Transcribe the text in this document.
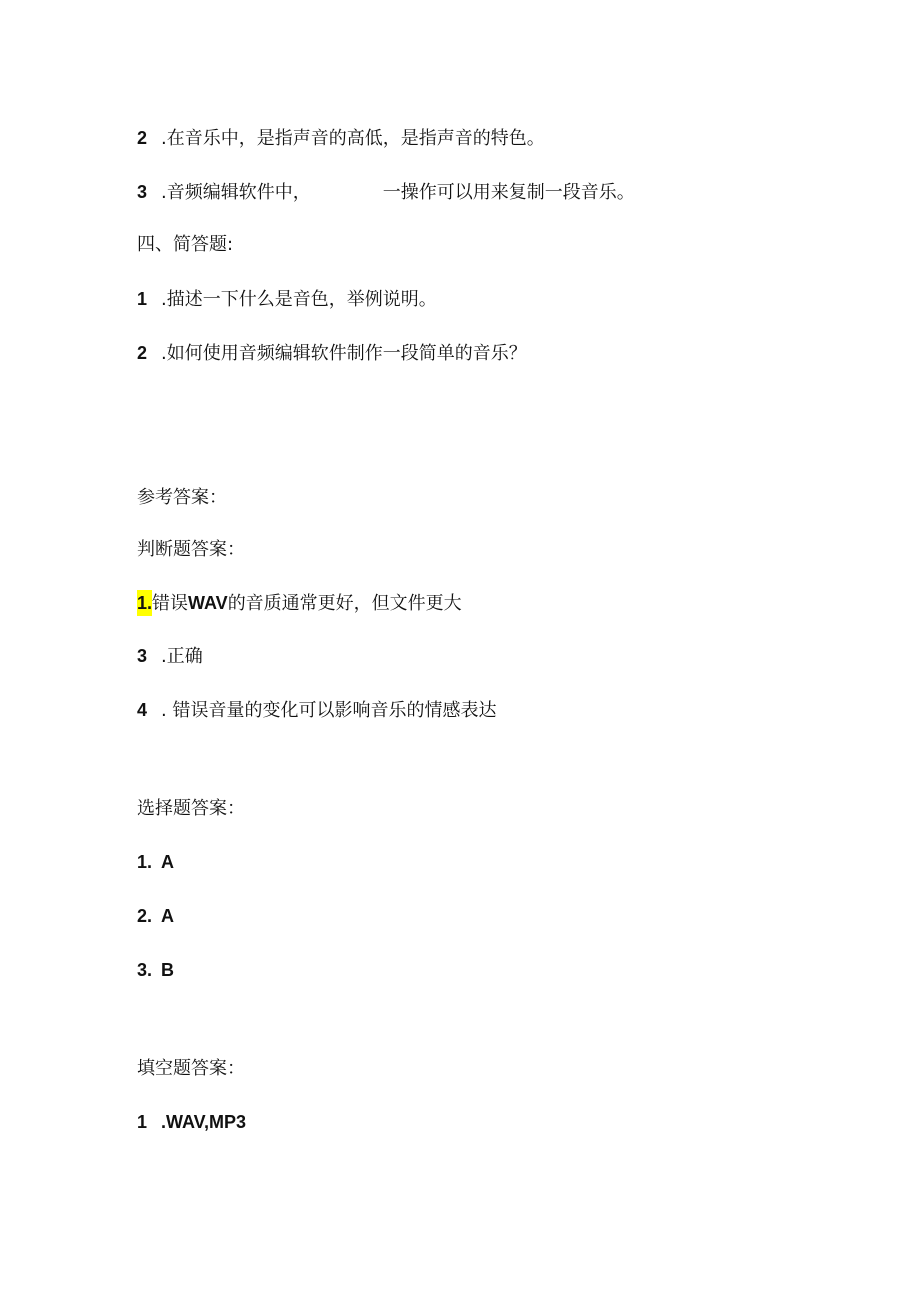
2 .在音乐中，是指声音的高低，是指声音的特色。
3 .音频编辑软件中，	一操作可以用来复制一段音乐。
四、简答题:
1 .描述一下什么是音色，举例说明。
2 .如何使用音频编辑软件制作一段简单的音乐？
参考答案：
判断题答案：
1.错误WAV的音质通常更好，但文件更大
3 .正确
4 . 错误音量的变化可以影响音乐的情感表达
选择题答案：
1. A
2. A
3. B
填空题答案：
1 .WAV,MP3
